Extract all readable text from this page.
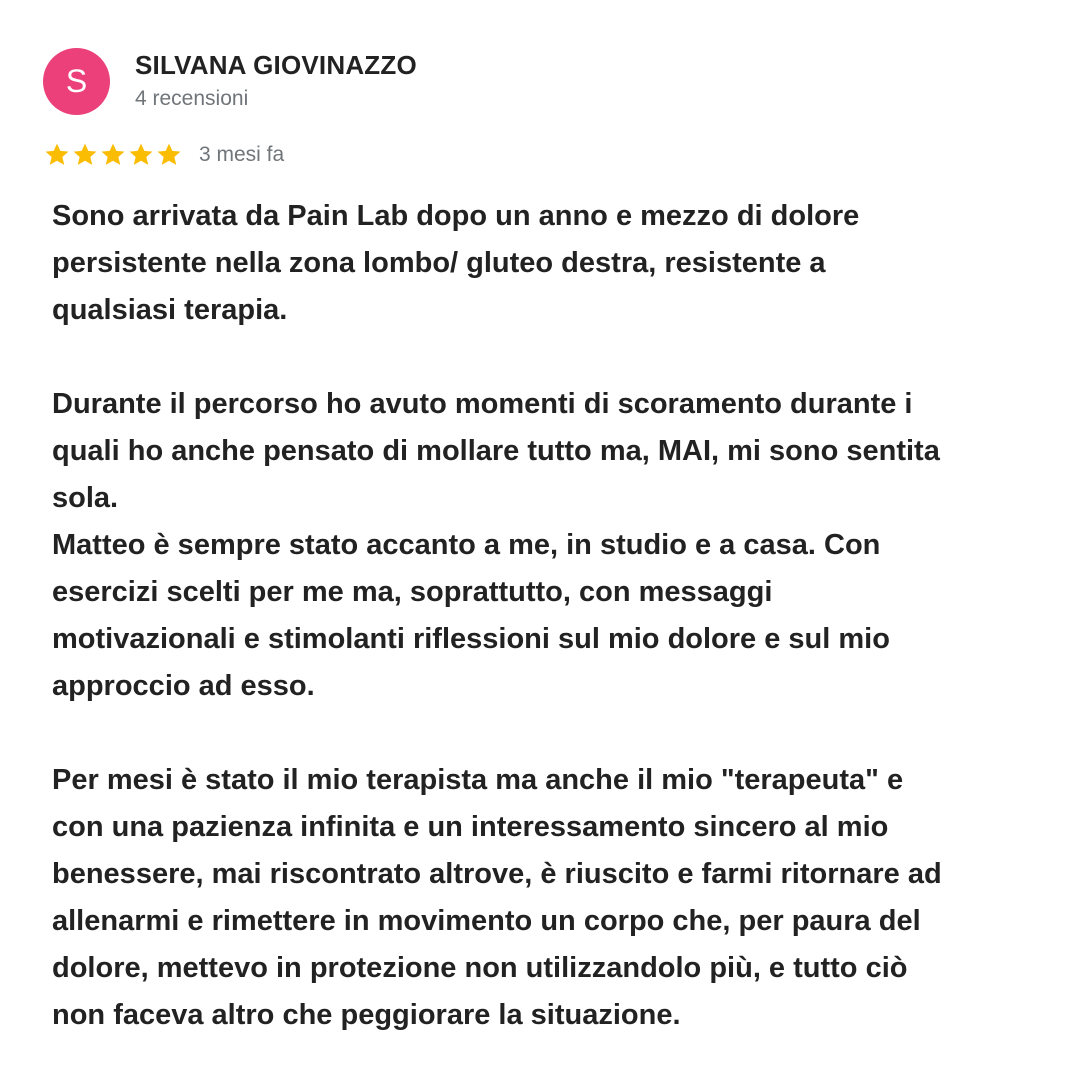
S SILVANA GIOVINAZZO
4 recensioni
3 mesi fa

Sono arrivata da Pain Lab dopo un anno e mezzo di dolore
persistente nella zona lombo/ gluteo destra, resistente a
qualsiasi terapia.

Durante il percorso ho avuto momenti di scoramento durante i
quali ho anche pensato di mollare tutto ma, MAI, mi sono sentita
sola.
Matteo è sempre stato accanto a me, in studio e a casa. Con
esercizi scelti per me ma, soprattutto, con messaggi
motivazionali e stimolanti riflessioni sul mio dolore e sul mio
approccio ad esso.

Per mesi è stato il mio terapista ma anche il mio "terapeuta" e
con una pazienza infinita e un interessamento sincero al mio
benessere, mai riscontrato altrove, è riuscito e farmi ritornare ad
allenarmi e rimettere in movimento un corpo che, per paura del
dolore, mettevo in protezione non utilizzandolo più, e tutto ciò
non faceva altro che peggiorare la situazione.
